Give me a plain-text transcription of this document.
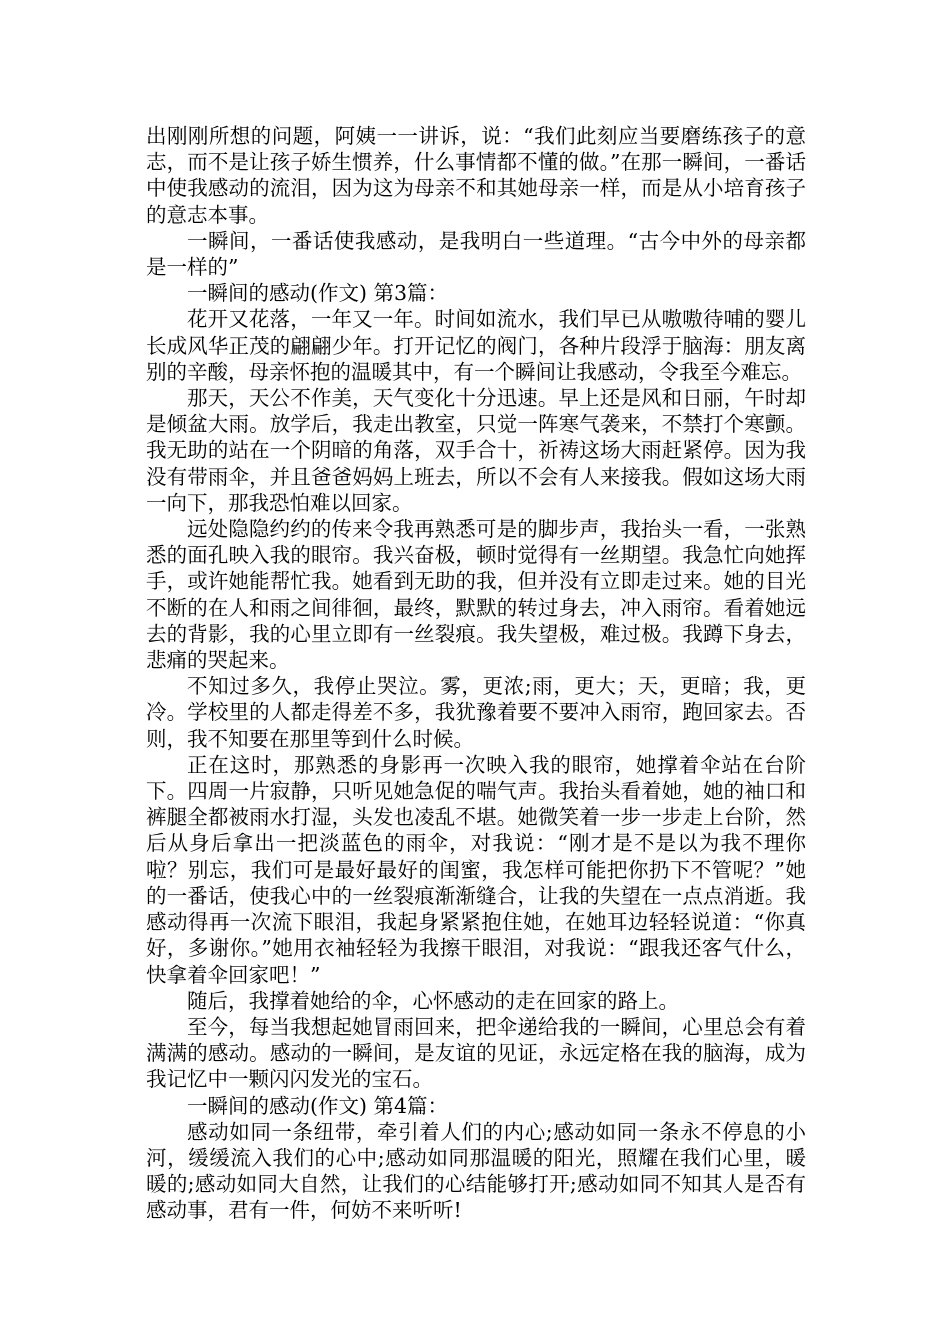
出刚刚所想的问题，阿姨一一讲诉，说：“我们此刻应当要磨练孩子的意志，而不是让孩子娇生惯养，什么事情都不懂的做。”在那一瞬间，一番话中使我感动的流泪，因为这为母亲不和其她母亲一样，而是从小培育孩子的意志本事。

一瞬间，一番话使我感动，是我明白一些道理。“古今中外的母亲都是一样的”

一瞬间的感动(作文) 第3篇：

花开又花落，一年又一年。时间如流水，我们早已从嗷嗷待哺的婴儿长成风华正茂的翩翩少年。打开记忆的阀门，各种片段浮于脑海：朋友离别的辛酸，母亲怀抱的温暖其中，有一个瞬间让我感动，令我至今难忘。

那天，天公不作美，天气变化十分迅速。早上还是风和日丽，午时却是倾盆大雨。放学后，我走出教室，只觉一阵寒气袭来，不禁打个寒颤。我无助的站在一个阴暗的角落，双手合十，祈祷这场大雨赶紧停。因为我没有带雨伞，并且爸爸妈妈上班去，所以不会有人来接我。假如这场大雨一向下，那我恐怕难以回家。

远处隐隐约约的传来令我再熟悉可是的脚步声，我抬头一看，一张熟悉的面孔映入我的眼帘。我兴奋极，顿时觉得有一丝期望。我急忙向她挥手，或许她能帮忙我。她看到无助的我，但并没有立即走过来。她的目光不断的在人和雨之间徘徊，最终，默默的转过身去，冲入雨帘。看着她远去的背影，我的心里立即有一丝裂痕。我失望极，难过极。我蹲下身去，悲痛的哭起来。

不知过多久，我停止哭泣。雾，更浓;雨，更大；天，更暗；我，更冷。学校里的人都走得差不多，我犹豫着要不要冲入雨帘，跑回家去。否则，我不知要在那里等到什么时候。

正在这时，那熟悉的身影再一次映入我的眼帘，她撑着伞站在台阶下。四周一片寂静，只听见她急促的喘气声。我抬头看着她，她的袖口和裤腿全都被雨水打湿，头发也凌乱不堪。她微笑着一步一步走上台阶，然后从身后拿出一把淡蓝色的雨伞，对我说：“刚才是不是以为我不理你啦？别忘，我们可是最好最好的闺蜜，我怎样可能把你扔下不管呢？”她的一番话，使我心中的一丝裂痕渐渐缝合，让我的失望在一点点消逝。我感动得再一次流下眼泪，我起身紧紧抱住她，在她耳边轻轻说道：“你真好，多谢你。”她用衣袖轻轻为我擦干眼泪，对我说：“跟我还客气什么，快拿着伞回家吧！”

随后，我撑着她给的伞，心怀感动的走在回家的路上。

至今，每当我想起她冒雨回来，把伞递给我的一瞬间，心里总会有着满满的感动。感动的一瞬间，是友谊的见证，永远定格在我的脑海，成为我记忆中一颗闪闪发光的宝石。

一瞬间的感动(作文) 第4篇：

感动如同一条纽带，牵引着人们的内心;感动如同一条永不停息的小河，缓缓流入我们的心中;感动如同那温暖的阳光，照耀在我们心里，暖暖的;感动如同大自然，让我们的心结能够打开;感动如同不知其人是否有感动事，君有一件，何妨不来听听!
